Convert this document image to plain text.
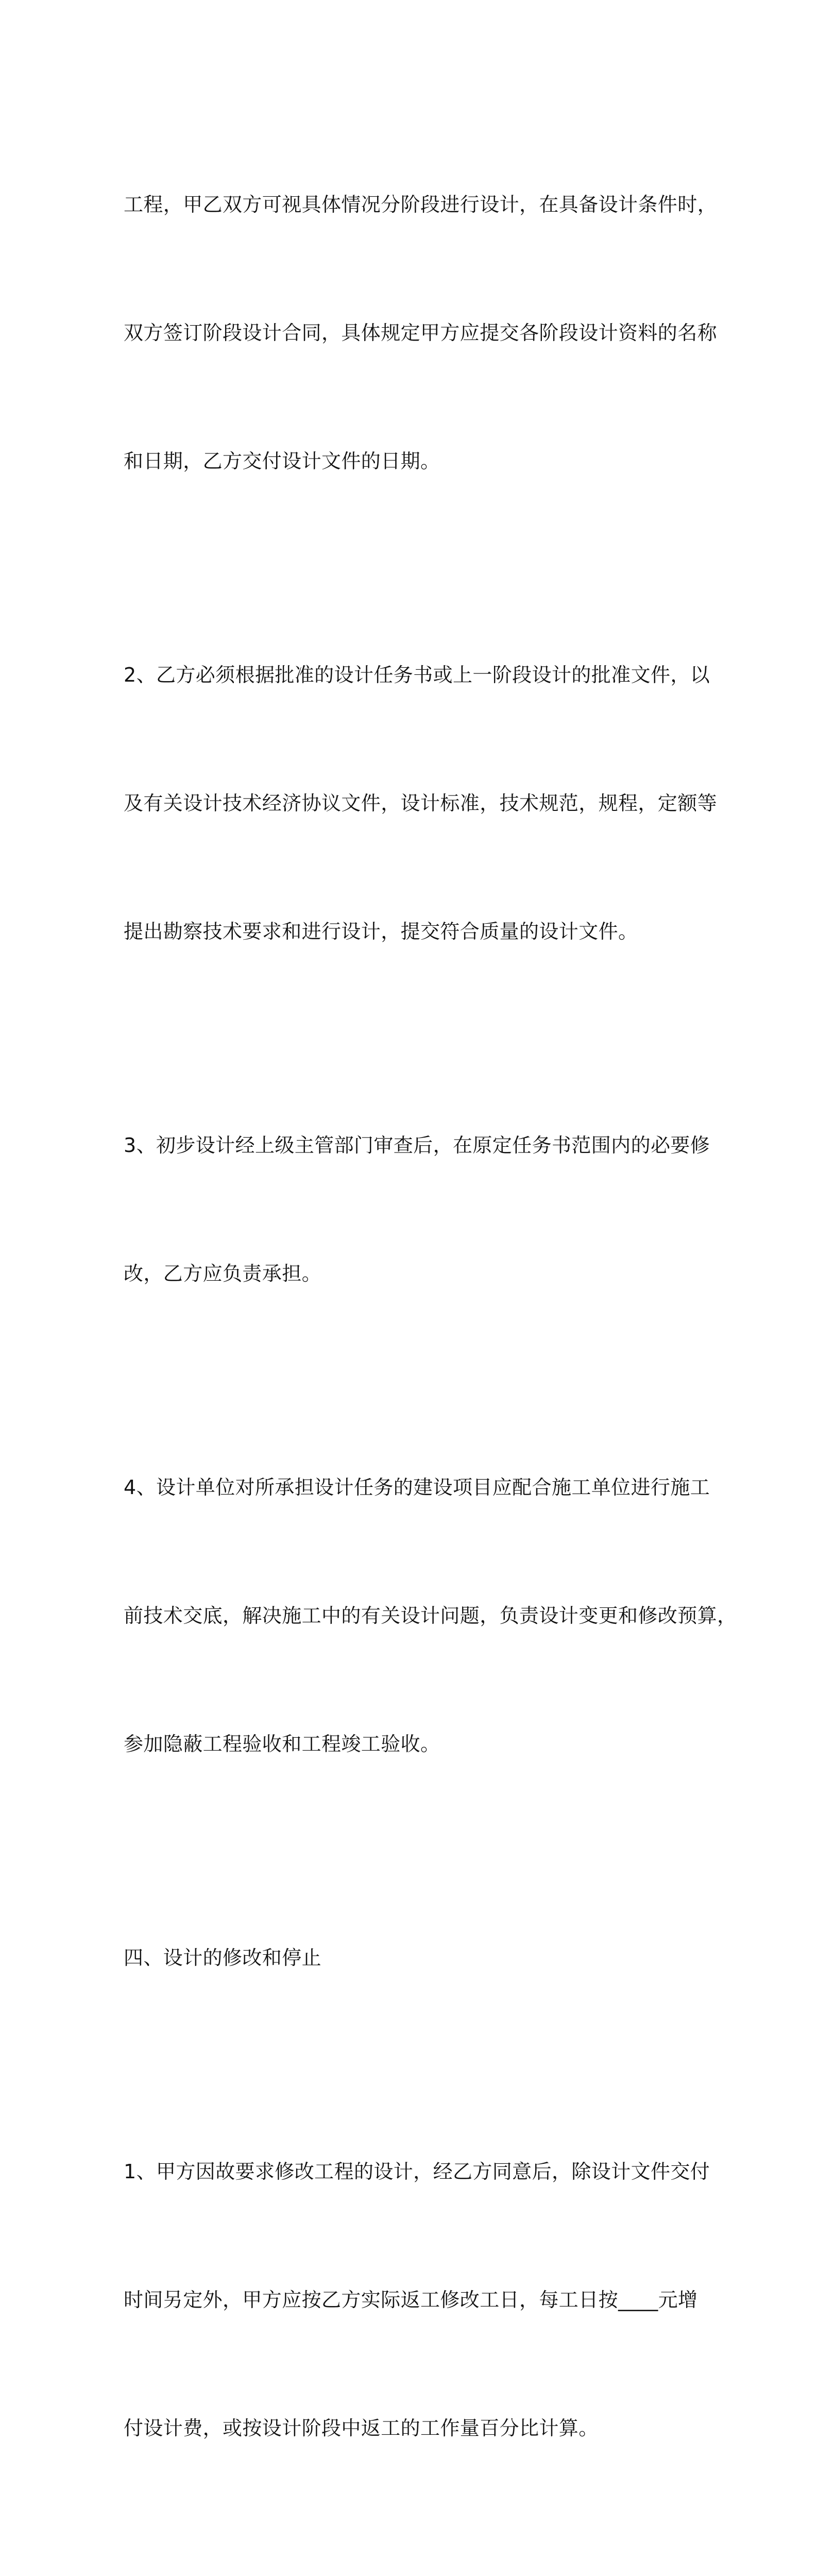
工程，甲乙双方可视具体情况分阶段进行设计，在具备设计条件时，

双方签订阶段设计合同，具体规定甲方应提交各阶段设计资料的名称

和日期，乙方交付设计文件的日期。

2、乙方必须根据批准的设计任务书或上一阶段设计的批准文件，以

及有关设计技术经济协议文件，设计标准，技术规范，规程，定额等

提出勘察技术要求和进行设计，提交符合质量的设计文件。

3、初步设计经上级主管部门审查后，在原定任务书范围内的必要修

改，乙方应负责承担。

4、设计单位对所承担设计任务的建设项目应配合施工单位进行施工

前技术交底，解决施工中的有关设计问题，负责设计变更和修改预算，

参加隐蔽工程验收和工程竣工验收。

四、设计的修改和停止

1、甲方因故要求修改工程的设计，经乙方同意后，除设计文件交付

时间另定外，甲方应按乙方实际返工修改工日，每工日按____元增

付设计费，或按设计阶段中返工的工作量百分比计算。
